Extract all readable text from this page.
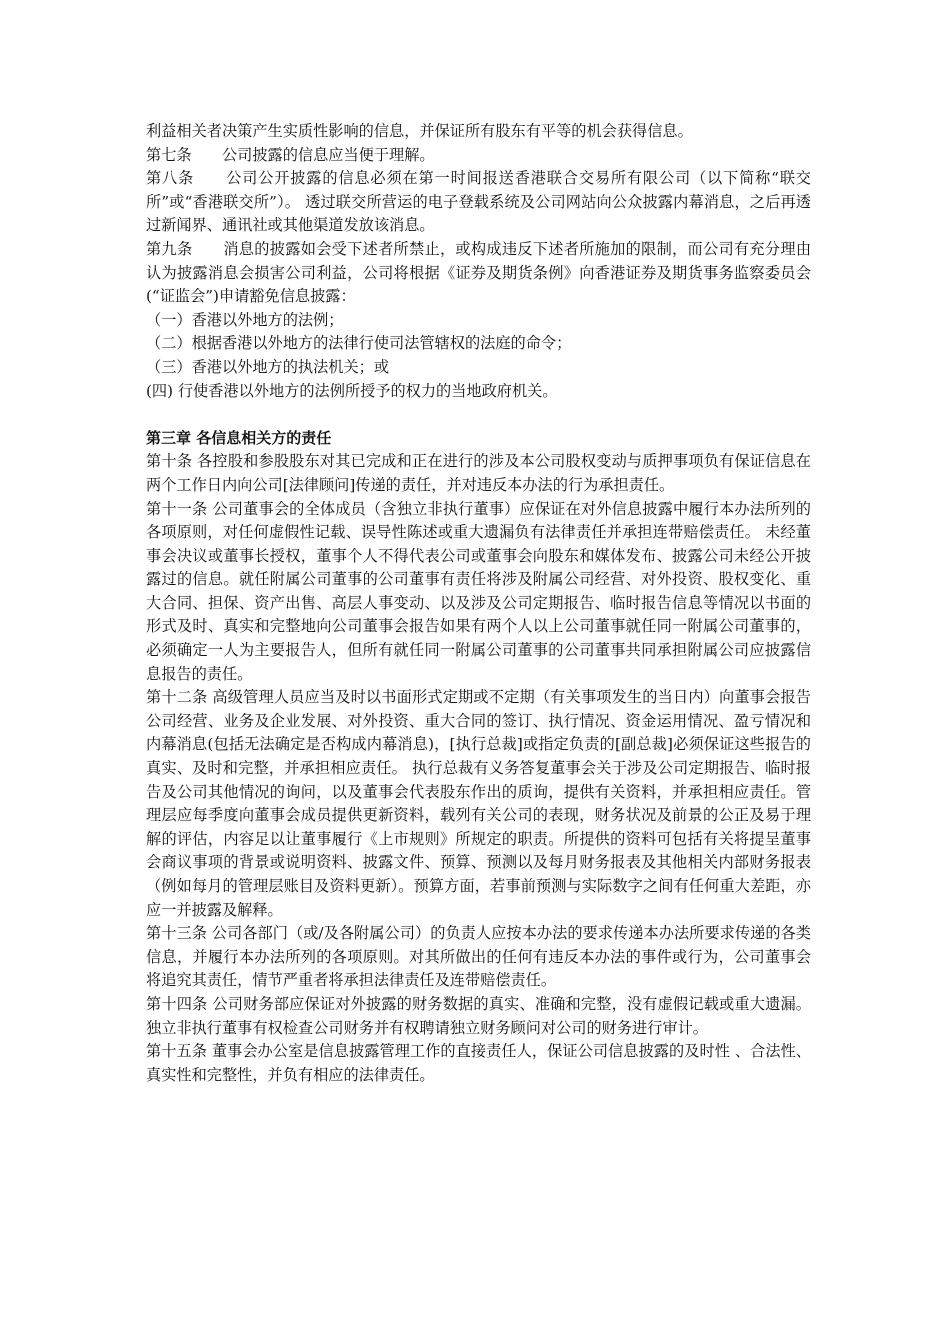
利益相关者决策产生实质性影响的信息，并保证所有股东有平等的机会获得信息。

第七条　　公司披露的信息应当便于理解。

第八条　　公司公开披露的信息必须在第一时间报送香港联合交易所有限公司（以下简称“联交所”或“香港联交所”）。 透过联交所营运的电子登载系统及公司网站向公众披露内幕消息，之后再透过新闻界、通讯社或其他渠道发放该消息。

第九条　　消息的披露如会受下述者所禁止，或构成违反下述者所施加的限制，而公司有充分理由认为披露消息会损害公司利益，公司将根据《证券及期货条例》向香港证券及期货事务监察委员会(“证监会”)申请豁免信息披露：

（一）香港以外地方的法例；

（二）根据香港以外地方的法律行使司法管辖权的法庭的命令；

（三）香港以外地方的执法机关；或

(四) 行使香港以外地方的法例所授予的权力的当地政府机关。

第三章 各信息相关方的责任

第十条 各控股和参股股东对其已完成和正在进行的涉及本公司股权变动与质押事项负有保证信息在两个工作日内向公司[法律顾问]传递的责任，并对违反本办法的行为承担责任。

第十一条 公司董事会的全体成员（含独立非执行董事）应保证在对外信息披露中履行本办法所列的各项原则，对任何虚假性记载、误导性陈述或重大遗漏负有法律责任并承担连带赔偿责任。 未经董事会决议或董事长授权，董事个人不得代表公司或董事会向股东和媒体发布、披露公司未经公开披露过的信息。就任附属公司董事的公司董事有责任将涉及附属公司经营、对外投资、股权变化、重大合同、担保、资产出售、高层人事变动、以及涉及公司定期报告、临时报告信息等情况以书面的形式及时、真实和完整地向公司董事会报告如果有两个人以上公司董事就任同一附属公司董事的，必须确定一人为主要报告人，但所有就任同一附属公司董事的公司董事共同承担附属公司应披露信息报告的责任。

第十二条 高级管理人员应当及时以书面形式定期或不定期（有关事项发生的当日内）向董事会报告公司经营、业务及企业发展、对外投资、重大合同的签订、执行情况、资金运用情况、盈亏情况和内幕消息(包括无法确定是否构成内幕消息)，[执行总裁]或指定负责的[副总裁]必须保证这些报告的真实、及时和完整，并承担相应责任。 执行总裁有义务答复董事会关于涉及公司定期报告、临时报告及公司其他情况的询问，以及董事会代表股东作出的质询，提供有关资料，并承担相应责任。管理层应每季度向董事会成员提供更新资料，载列有关公司的表现，财务状况及前景的公正及易于理解的评估，内容足以让董事履行《上市规则》所规定的职责。所提供的资料可包括有关将提呈董事会商议事项的背景或说明资料、披露文件、预算、预测以及每月财务报表及其他相关内部财务报表（例如每月的管理层账目及资料更新）。预算方面，若事前预测与实际数字之间有任何重大差距，亦应一并披露及解释。

第十三条 公司各部门（或/及各附属公司）的负责人应按本办法的要求传递本办法所要求传递的各类信息，并履行本办法所列的各项原则。对其所做出的任何有违反本办法的事件或行为，公司董事会将追究其责任，情节严重者将承担法律责任及连带赔偿责任。

第十四条 公司财务部应保证对外披露的财务数据的真实、准确和完整，没有虚假记载或重大遗漏。独立非执行董事有权检查公司财务并有权聘请独立财务顾问对公司的财务进行审计。

第十五条 董事会办公室是信息披露管理工作的直接责任人，保证公司信息披露的及时性 、合法性、真实性和完整性，并负有相应的法律责任。
